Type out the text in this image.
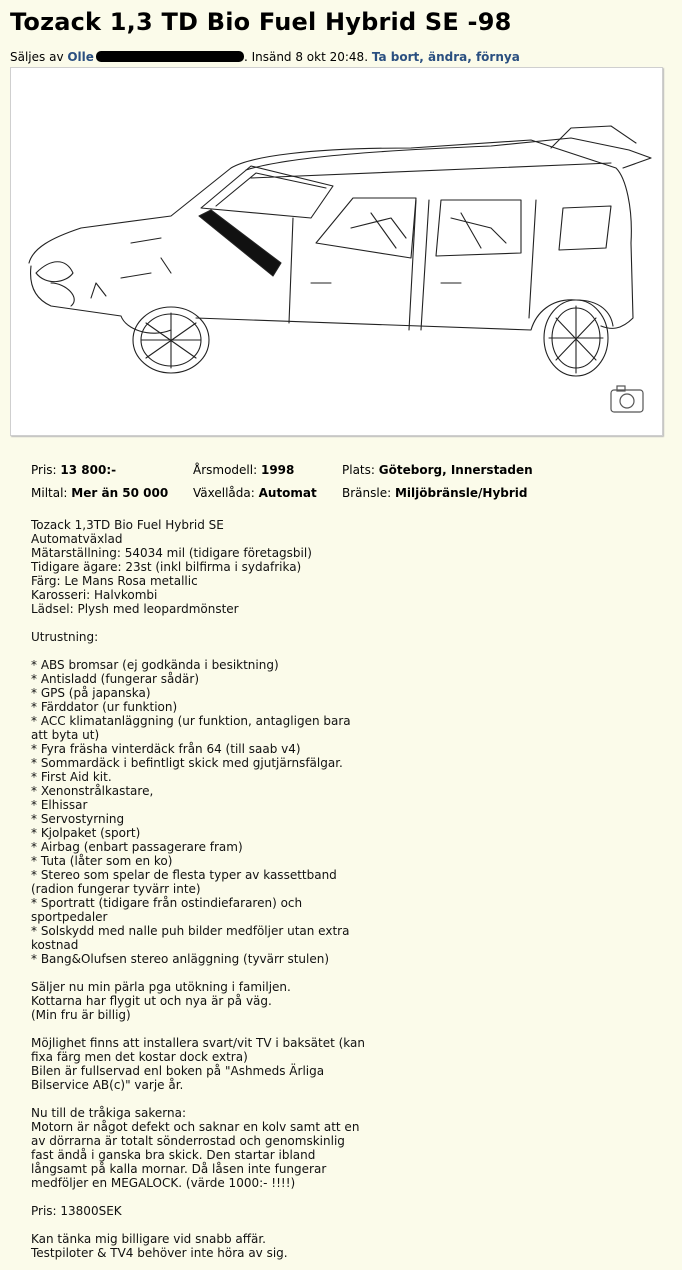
Tozack 1,3 TD Bio Fuel Hybrid SE -98
Säljes av Olle	. Insänd 8 okt 20:48. Ta bort, ändra, förnya
Pris: 13 800:-	Årsmodell: 1998	Plats: Göteborg, Innerstaden
Miltal: Mer än 50 000 Växellåda: Automat Bränsle: Miljöbränsle/Hybrid
Tozack 1,3TD Bio Fuel Hybrid SE
Automatväxlad
Mätarställning: 54034 mil (tidigare företagsbil)
Tidigare ägare: 23st (inkl bilfirma i sydafrika)
Färg: Le Mans Rosa metallic
Karosseri: Halvkombi
Lädsel: Plysh med leopardmönster

Utrustning:

* ABS bromsar (ej godkända i besiktning)
* Antisladd (fungerar sådär)
* GPS (på japanska)
* Färddator (ur funktion)
* ACC klimatanläggning (ur funktion, antagligen bara
att byta ut)
* Fyra fräsha vinterdäck från 64 (till saab v4)
* Sommardäck i befintligt skick med gjutjärnsfälgar.
* First Aid kit.
* Xenonstrålkastare,
* Elhissar
* Servostyrning
* Kjolpaket (sport)
* Airbag (enbart passagerare fram)
* Tuta (låter som en ko)
* Stereo som spelar de flesta typer av kassettband
(radion fungerar tyvärr inte)
* Sportratt (tidigare från ostindiefararen) och
sportpedaler
* Solskydd med nalle puh bilder medföljer utan extra
kostnad
* Bang&Olufsen stereo anläggning (tyvärr stulen)

Säljer nu min pärla pga utökning i familjen.
Kottarna har flygit ut och nya är på väg.
(Min fru är billig)

Möjlighet finns att installera svart/vit TV i baksätet (kan
fixa färg men det kostar dock extra)
Bilen är fullservad enl boken på "Ashmeds Ärliga
Bilservice AB(c)" varje år.

Nu till de tråkiga sakerna:
Motorn är något defekt och saknar en kolv samt att en
av dörrarna är totalt sönderrostad och genomskinlig
fast ändå i ganska bra skick. Den startar ibland
långsamt på kalla mornar. Då låsen inte fungerar
medföljer en MEGALOCK. (värde 1000:- !!!!)

Pris: 13800SEK

Kan tänka mig billigare vid snabb affär.
Testpiloter & TV4 behöver inte höra av sig.
